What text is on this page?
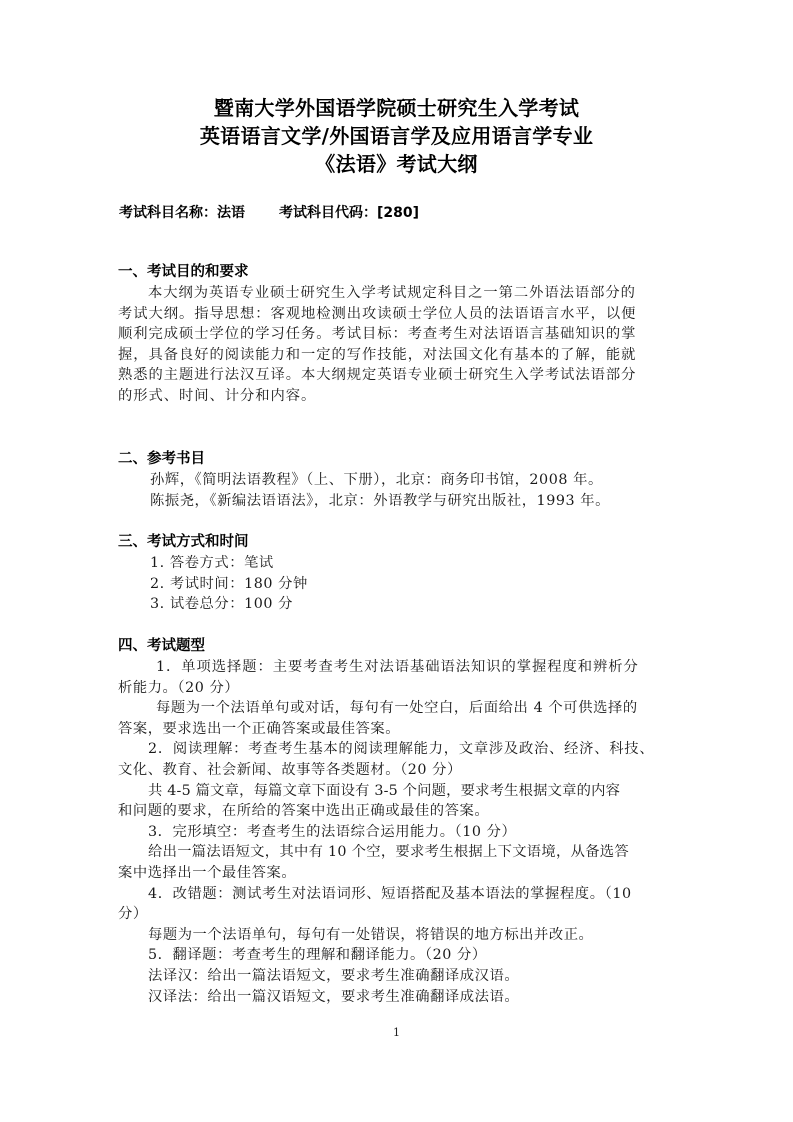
暨南大学外国语学院硕士研究生入学考试
英语语言文学/外国语言学及应用语言学专业
《法语》考试大纲
考试科目名称：法语 考试科目代码：[280]
一、考试目的和要求
本大纲为英语专业硕士研究生入学考试规定科目之一第二外语法语部分的
考试大纲。指导思想：客观地检测出攻读硕士学位人员的法语语言水平，以便
顺利完成硕士学位的学习任务。考试目标：考查考生对法语语言基础知识的掌
握，具备良好的阅读能力和一定的写作技能，对法国文化有基本的了解，能就
熟悉的主题进行法汉互译。本大纲规定英语专业硕士研究生入学考试法语部分
的形式、时间、计分和内容。
二、参考书目
孙辉，《简明法语教程》（上、下册），北京：商务印书馆，2008 年。
陈振尧，《新编法语语法》，北京：外语教学与研究出版社，1993 年。
三、考试方式和时间
1. 答卷方式：笔试
2. 考试时间：180 分钟
3. 试卷总分：100 分
四、考试题型
1．单项选择题：主要考查考生对法语基础语法知识的掌握程度和辨析分
析能力。（20 分）
每题为一个法语单句或对话，每句有一处空白，后面给出 4 个可供选择的
答案，要求选出一个正确答案或最佳答案。
2．阅读理解：考查考生基本的阅读理解能力，文章涉及政治、经济、科技、
文化、教育、社会新闻、故事等各类题材。（20 分）
共 4-5 篇文章，每篇文章下面设有 3-5 个问题，要求考生根据文章的内容
和问题的要求，在所给的答案中选出正确或最佳的答案。
3．完形填空：考查考生的法语综合运用能力。（10 分）
给出一篇法语短文，其中有 10 个空，要求考生根据上下文语境，从备选答
案中选择出一个最佳答案。
4．改错题：测试考生对法语词形、短语搭配及基本语法的掌握程度。（10
分）
每题为一个法语单句，每句有一处错误，将错误的地方标出并改正。
5．翻译题：考查考生的理解和翻译能力。（20 分）
法译汉：给出一篇法语短文，要求考生准确翻译成汉语。
汉译法：给出一篇汉语短文，要求考生准确翻译成法语。
1
